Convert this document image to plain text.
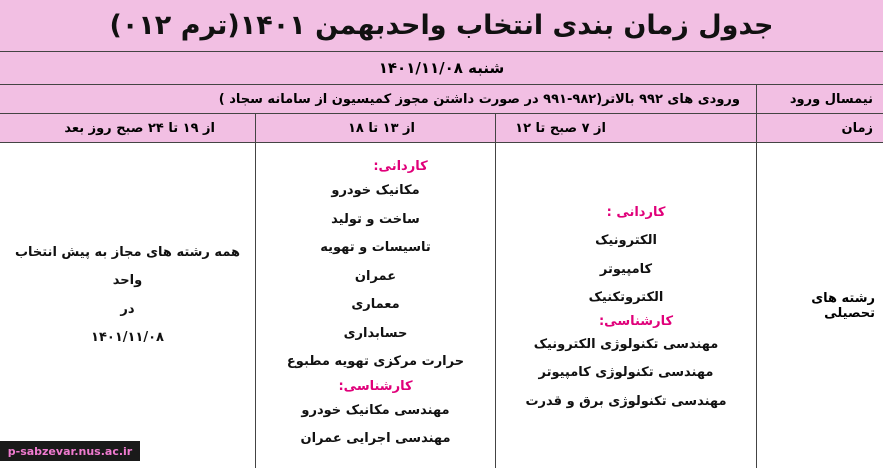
جدول زمان بندی انتخاب واحدبهمن ۱۴۰۱(ترم ۰۱۲)
شنبه ۱۴۰۱/۱۱/۰۸
نیمسال ورود
ورودی های ۹۹۲ بالاتر(۹۸۲-۹۹۱ در صورت داشتن مجوز کمیسیون از سامانه سجاد )
زمان
از ۷ صبح تا ۱۲
از ۱۳ تا ۱۸
از ۱۹ تا ۲۴ صبح روز بعد
رشته های تحصیلی
کاردانی :
الکترونیک
کامپیوتر
الکتروتکنیک
کارشناسی:
مهندسی تکنولوژی الکترونیک
مهندسی تکنولوژی کامپیوتر
مهندسی تکنولوژی برق و قدرت
کاردانی:
مکانیک خودرو
ساخت و تولید
تاسیسات و تهویه
عمران
معماری
حسابداری
حرارت مرکزی تهویه مطبوع
کارشناسی:
مهندسی مکانیک خودرو
مهندسی اجرایی عمران
همه رشته های مجاز به پیش انتخاب واحد
در
۱۴۰۱/۱۱/۰۸
p-sabzevar.nus.ac.ir
